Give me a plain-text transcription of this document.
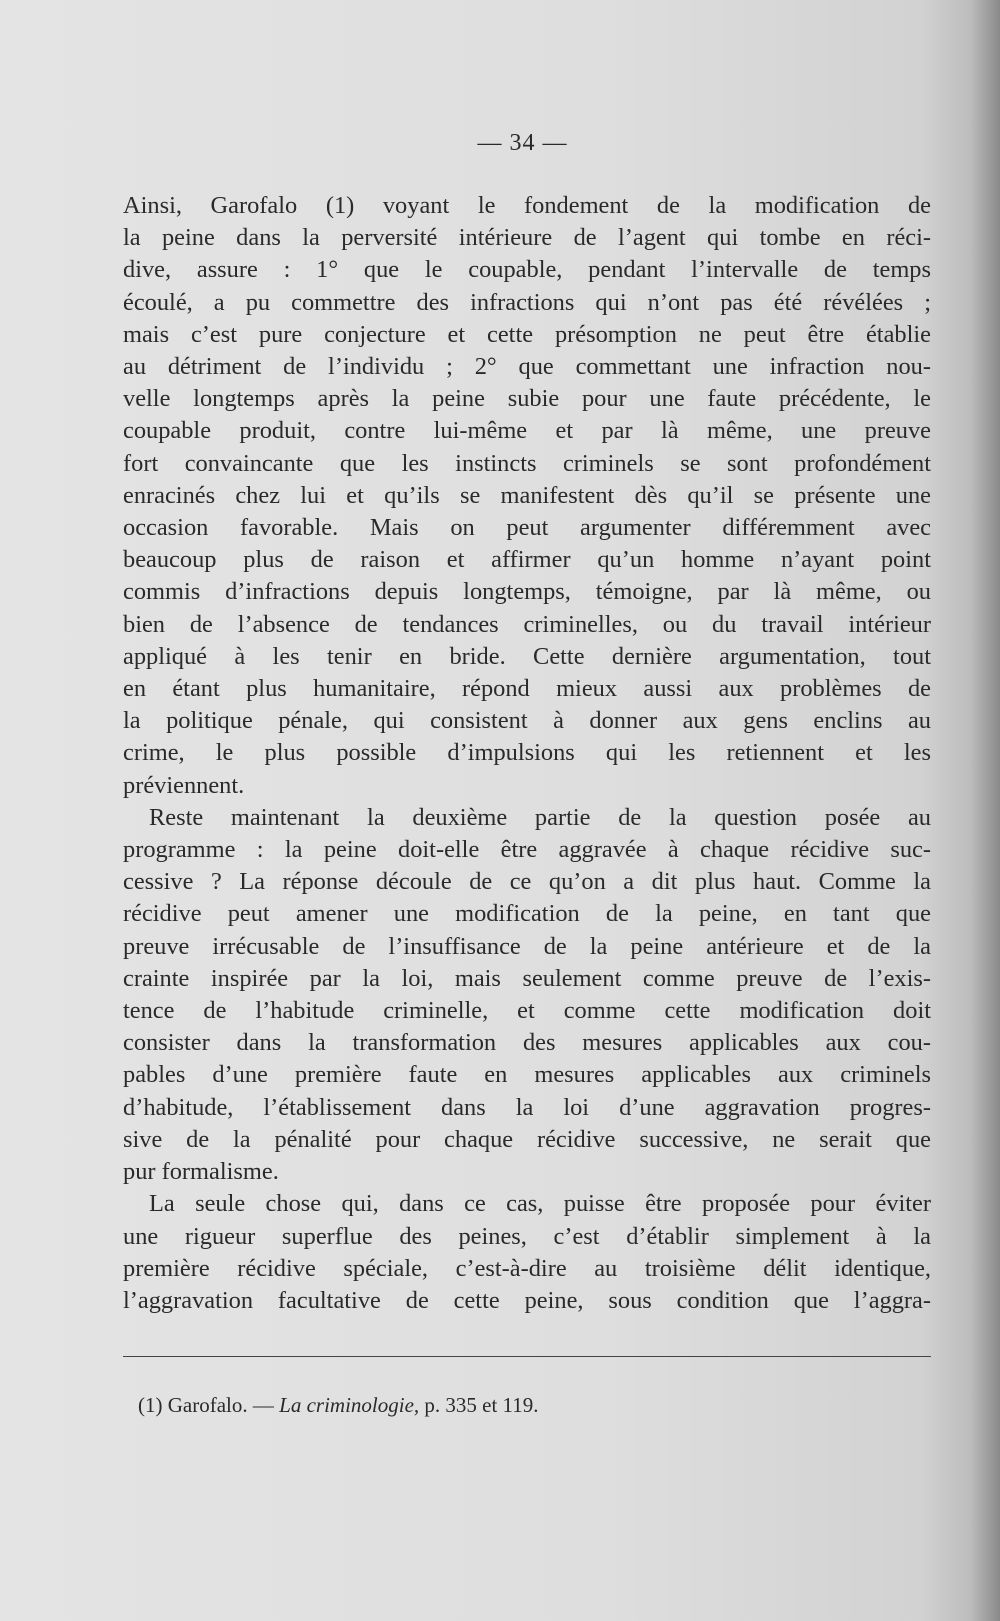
— 34 —
Ainsi, Garofalo (1) voyant le fondement de la modification de
la peine dans la perversité intérieure de l’agent qui tombe en réci-
dive, assure : 1° que le coupable, pendant l’intervalle de temps
écoulé, a pu commettre des infractions qui n’ont pas été révélées ;
mais c’est pure conjecture et cette présomption ne peut être établie
au détriment de l’individu ; 2° que commettant une infraction nou-
velle longtemps après la peine subie pour une faute précédente, le
coupable produit, contre lui-même et par là même, une preuve
fort convaincante que les instincts criminels se sont profondément
enracinés chez lui et qu’ils se manifestent dès qu’il se présente une
occasion favorable. Mais on peut argumenter différemment avec
beaucoup plus de raison et affirmer qu’un homme n’ayant point
commis d’infractions depuis longtemps, témoigne, par là même, ou
bien de l’absence de tendances criminelles, ou du travail intérieur
appliqué à les tenir en bride. Cette dernière argumentation, tout
en étant plus humanitaire, répond mieux aussi aux problèmes de
la politique pénale, qui consistent à donner aux gens enclins au
crime, le plus possible d’impulsions qui les retiennent et les
préviennent.
Reste maintenant la deuxième partie de la question posée au
programme : la peine doit-elle être aggravée à chaque récidive suc-
cessive ? La réponse découle de ce qu’on a dit plus haut. Comme la
récidive peut amener une modification de la peine, en tant que
preuve irrécusable de l’insuffisance de la peine antérieure et de la
crainte inspirée par la loi, mais seulement comme preuve de l’exis-
tence de l’habitude criminelle, et comme cette modification doit
consister dans la transformation des mesures applicables aux cou-
pables d’une première faute en mesures applicables aux criminels
d’habitude, l’établissement dans la loi d’une aggravation progres-
sive de la pénalité pour chaque récidive successive, ne serait que
pur formalisme.
La seule chose qui, dans ce cas, puisse être proposée pour éviter
une rigueur superflue des peines, c’est d’établir simplement à la
première récidive spéciale, c’est-à-dire au troisième délit identique,
l’aggravation facultative de cette peine, sous condition que l’aggra-
(1) Garofalo. — La criminologie, p. 335 et 119.
